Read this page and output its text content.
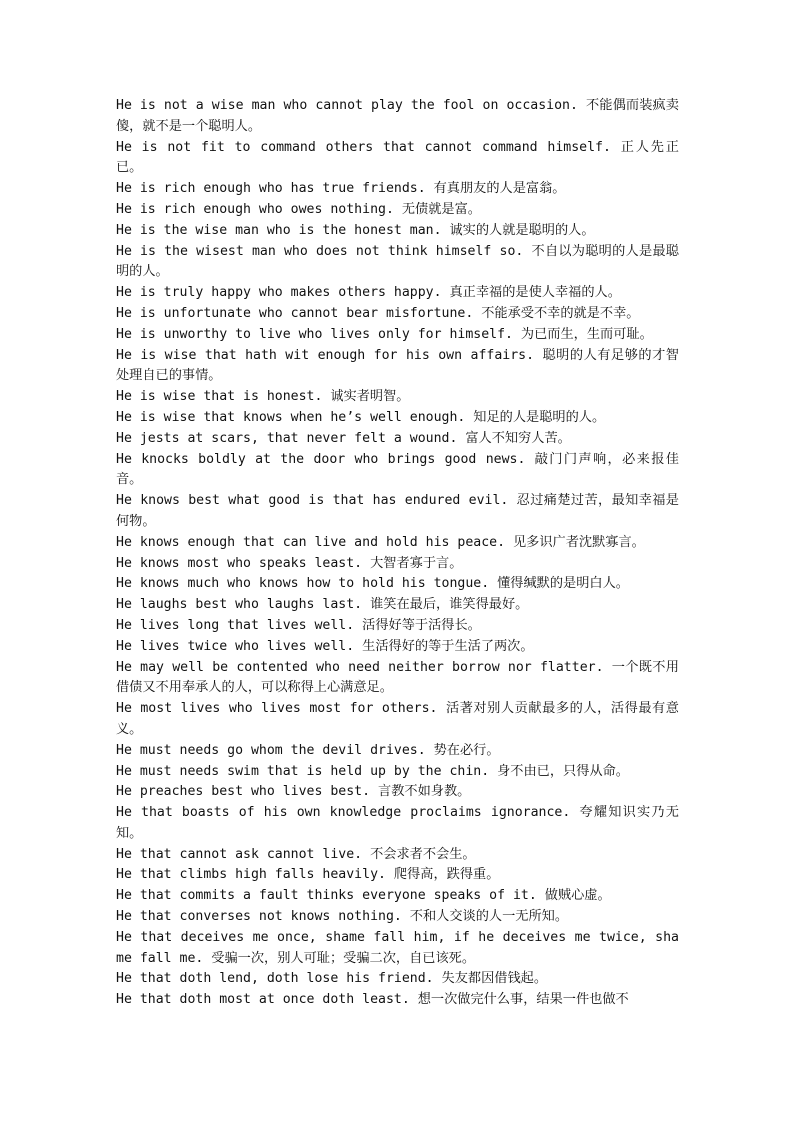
He is not a wise man who cannot play the fool on occasion. 不能偶而装疯卖傻，就不是一个聪明人。

He is not fit to command others that cannot command himself. 正人先正已。

He is rich enough who has true friends. 有真朋友的人是富翁。

He is rich enough who owes nothing. 无债就是富。

He is the wise man who is the honest man. 诚实的人就是聪明的人。

He is the wisest man who does not think himself so. 不自以为聪明的人是最聪明的人。

He is truly happy who makes others happy. 真正幸福的是使人幸福的人。

He is unfortunate who cannot bear misfortune. 不能承受不幸的就是不幸。

He is unworthy to live who lives only for himself. 为已而生，生而可耻。

He is wise that hath wit enough for his own affairs. 聪明的人有足够的才智处理自已的事情。

He is wise that is honest. 诚实者明智。

He is wise that knows when he’s well enough. 知足的人是聪明的人。

He jests at scars, that never felt a wound. 富人不知穷人苦。

He knocks boldly at the door who brings good news. 敲门门声响，必来报佳音。

He knows best what good is that has endured evil. 忍过痛楚过苦，最知幸福是何物。

He knows enough that can live and hold his peace. 见多识广者沈默寡言。

He knows most who speaks least. 大智者寡于言。

He knows much who knows how to hold his tongue. 懂得缄默的是明白人。

He laughs best who laughs last. 谁笑在最后，谁笑得最好。

He lives long that lives well. 活得好等于活得长。

He lives twice who lives well. 生活得好的等于生活了两次。

He may well be contented who need neither borrow nor flatter. 一个既不用借债又不用奉承人的人，可以称得上心满意足。

He most lives who lives most for others. 活著对别人贡献最多的人，活得最有意义。

He must needs go whom the devil drives. 势在必行。

He must needs swim that is held up by the chin. 身不由已，只得从命。

He preaches best who lives best. 言教不如身教。

He that boasts of his own knowledge proclaims ignorance. 夸耀知识实乃无知。

He that cannot ask cannot live. 不会求者不会生。

He that climbs high falls heavily. 爬得高，跌得重。

He that commits a fault thinks everyone speaks of it. 做贼心虚。

He that converses not knows nothing. 不和人交谈的人一无所知。

He that deceives me once, shame fall him, if he deceives me twice, shame fall me. 受骗一次，别人可耻；受骗二次，自已该死。

He that doth lend, doth lose his friend. 失友都因借钱起。

He that doth most at once doth least. 想一次做完什么事，结果一件也做不
